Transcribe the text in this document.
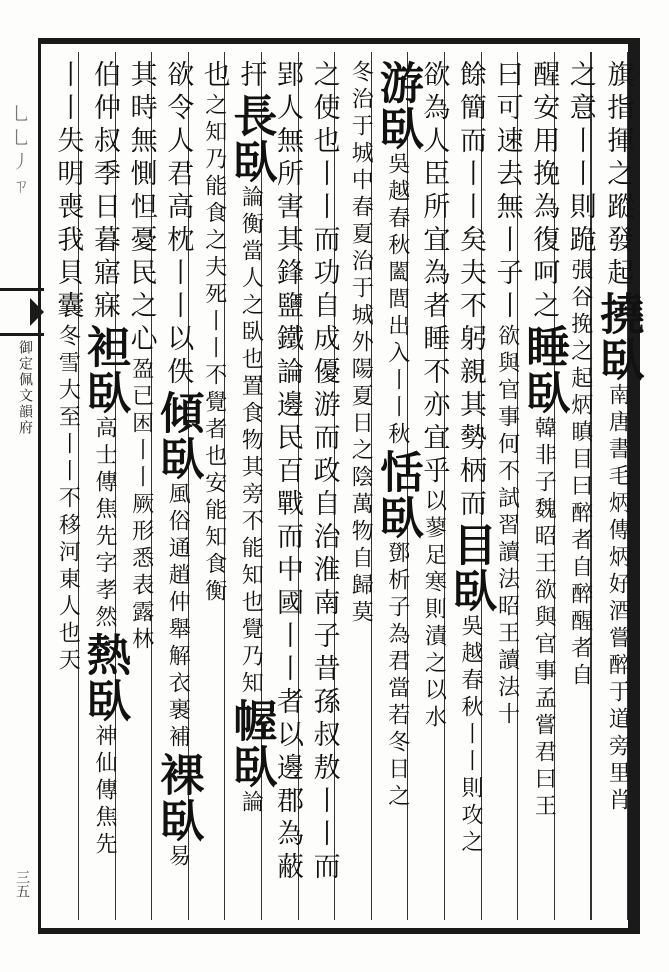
乚乚丿ㄗ
御定佩文韻府
三五
旗指揮之蹤發起撓臥南唐書毛炳傳炳好酒嘗醉于道旁里肖
之意丨丨則跪張谷挽之起炳瞋目曰醉者自醉醒者自
醒安用挽為復呵之睡臥韓非子魏昭王欲與官事孟嘗君曰王
曰可速去無丨子丨欲與官事何不試習讀法昭王讀法十
餘簡而丨丨矣夫不躬親其勢柄而目臥吳越春秋丨丨則攻之
欲為人臣所宜為者睡不亦宜乎以蓼足寒則漬之以水
游臥吳越春秋闔閭出入丨丨秋恬臥鄧析子為君當若冬日之
冬治于城中春夏治于城外陽夏日之陰萬物自歸莫
之使也丨丨而功自成優游而政自治淮南子昔孫叔敖丨丨而
郢人無所害其鋒鹽鐵論邊民百戰而中國丨丨者以邊郡為蔽
扞長臥論衡當人之臥也置食物其旁不能知也覺乃知幄臥論
也之知乃能食之夫死丨丨不覺者也安能知食衡
欲令人君高枕丨丨以佚傾臥風俗通趙仲舉解衣裹補裸臥易
其時無惻怛憂民之心盈已困丨丨厥形悉表露林
伯仲叔季日暮寤寐袒臥高士傳焦先字孝然熱臥神仙傳焦先
丨丨失明喪我貝囊冬雪大至丨丨不移河東人也天
